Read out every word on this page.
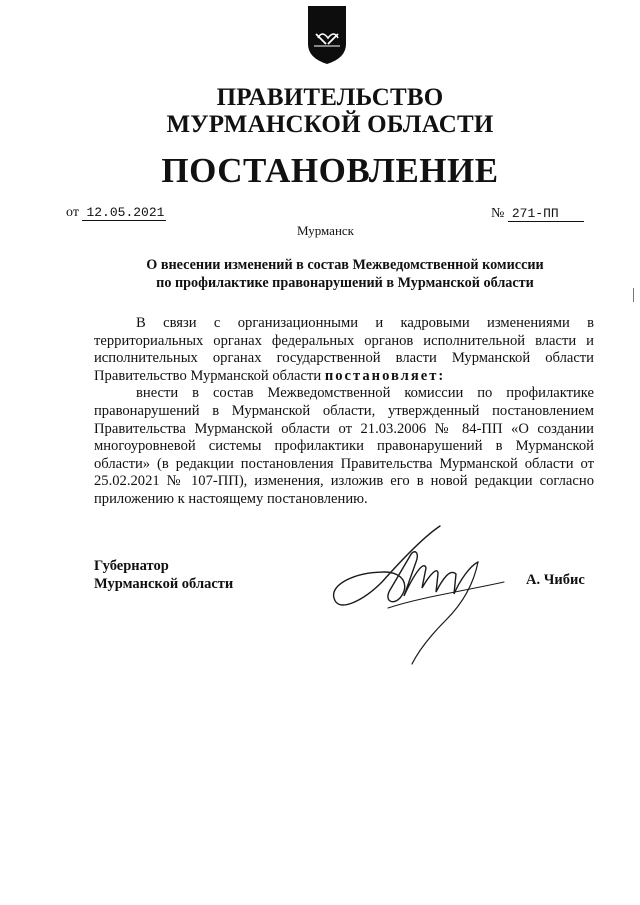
ПРАВИТЕЛЬСТВО
МУРМАНСКОЙ ОБЛАСТИ
ПОСТАНОВЛЕНИЕ
от 12.05.2021	№ 271-ПП
Мурманск
О внесении изменений в состав Межведомственной комиссии
по профилактике правонарушений в Мурманской области

В связи с организационными и кадровыми изменениями в территориальных органах федеральных органов исполнительной власти и исполнительных органах государственной власти Мурманской области Правительство Мурманской области постановляет:

внести в состав Межведомственной комиссии по профилактике правонарушений в Мурманской области, утвержденный постановлением Правительства Мурманской области от 21.03.2006 № 84-ПП «О создании многоуровневой системы профилактики правонарушений в Мурманской области» (в редакции постановления Правительства Мурманской области от 25.02.2021 № 107-ПП), изменения, изложив его в новой редакции согласно приложению к настоящему постановлению.

Губернатор
Мурманской области	А. Чибис
